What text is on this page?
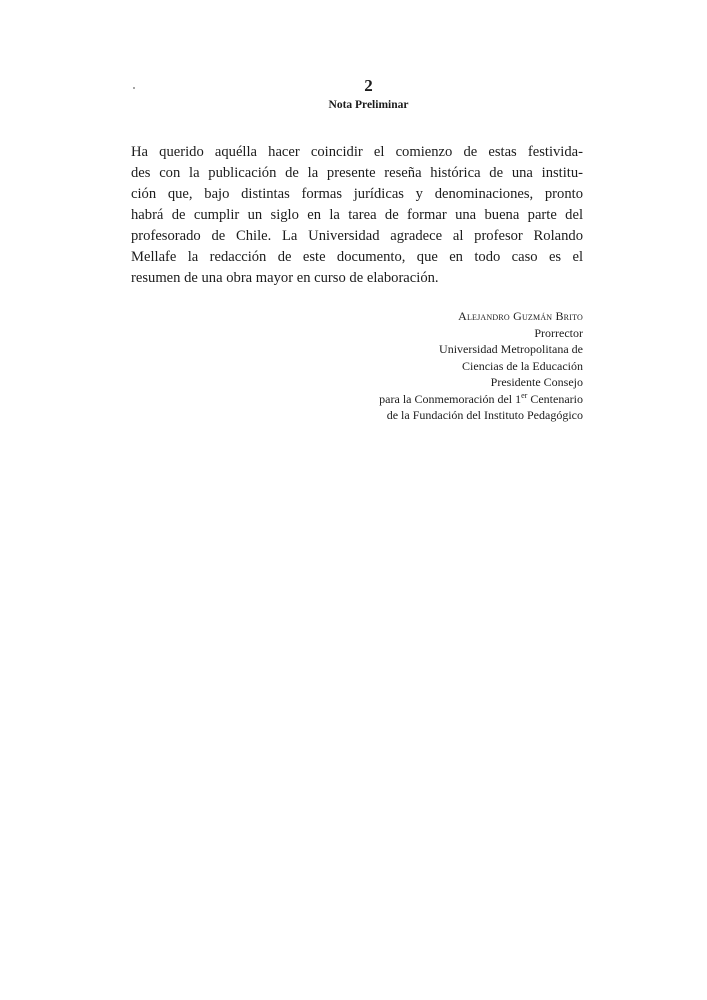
2
Nota Preliminar
Ha querido aquélla hacer coincidir el comienzo de estas festivida-
des con la publicación de la presente reseña histórica de una institu-
ción que, bajo distintas formas jurídicas y denominaciones, pronto
habrá de cumplir un siglo en la tarea de formar una buena parte del
profesorado de Chile. La Universidad agradece al profesor Rolando
Mellafe la redacción de este documento, que en todo caso es el
resumen de una obra mayor en curso de elaboración.
Alejandro Guzmán Brito
Prorrector
Universidad Metropolitana de
Ciencias de la Educación
Presidente Consejo
para la Conmemoración del 1er Centenario
de la Fundación del Instituto Pedagógico
